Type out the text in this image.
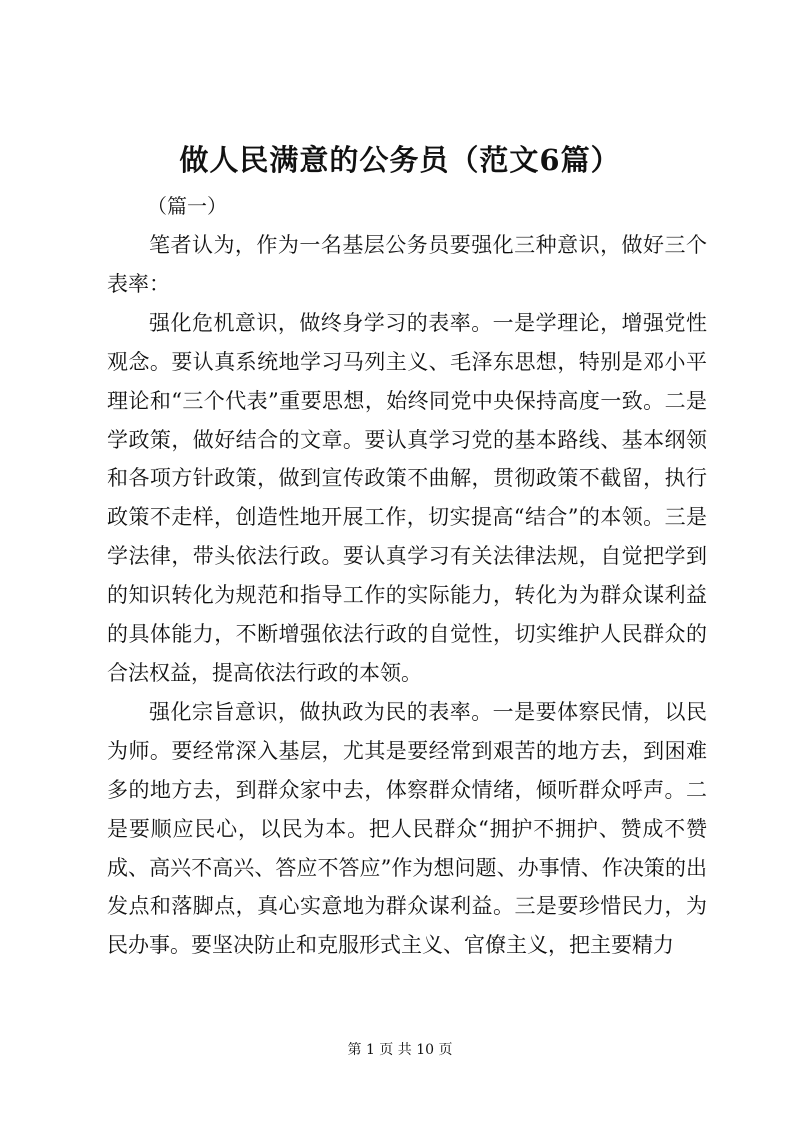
做人民满意的公务员（范文6篇）
（篇一）

笔者认为，作为一名基层公务员要强化三种意识，做好三个表率：

强化危机意识，做终身学习的表率。一是学理论，增强党性观念。要认真系统地学习马列主义、毛泽东思想，特别是邓小平理论和“三个代表”重要思想，始终同党中央保持高度一致。二是学政策，做好结合的文章。要认真学习党的基本路线、基本纲领和各项方针政策，做到宣传政策不曲解，贯彻政策不截留，执行政策不走样，创造性地开展工作，切实提高“结合”的本领。三是学法律，带头依法行政。要认真学习有关法律法规，自觉把学到的知识转化为规范和指导工作的实际能力，转化为为群众谋利益的具体能力，不断增强依法行政的自觉性，切实维护人民群众的合法权益，提高依法行政的本领。

强化宗旨意识，做执政为民的表率。一是要体察民情，以民为师。要经常深入基层，尤其是要经常到艰苦的地方去，到困难多的地方去，到群众家中去，体察群众情绪，倾听群众呼声。二是要顺应民心，以民为本。把人民群众“拥护不拥护、赞成不赞成、高兴不高兴、答应不答应”作为想问题、办事情、作决策的出发点和落脚点，真心实意地为群众谋利益。三是要珍惜民力，为民办事。要坚决防止和克服形式主义、官僚主义，把主要精力

第 1 页 共 10 页
